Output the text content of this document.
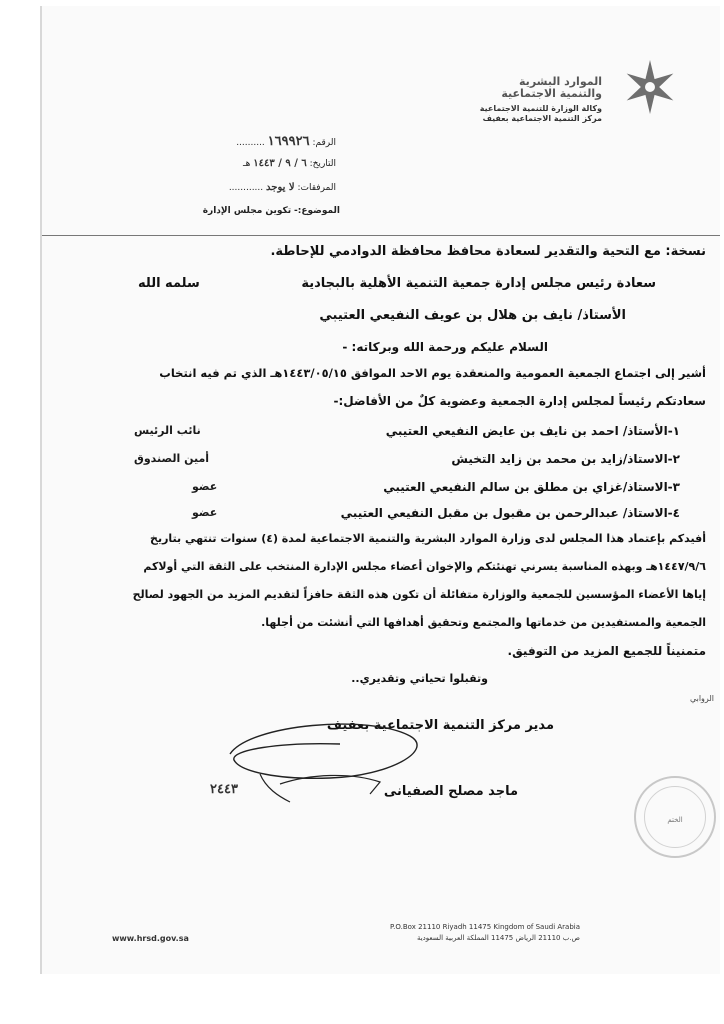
الموارد البشرية
والتنمية الاجتماعية
وكالة الوزارة للتنمية الاجتماعية
مركز التنمية الاجتماعية بعفيف
الرقم: ١٦٩٩٢٦ ..........
التاريخ: ٦ / ٩ / ١٤٤٣ هـ
المرفقات: لا يوجد ............
الموضوع:- تكوين مجلس الإدارة
نسخة: مع التحية والتقدير لسعادة محافظ محافظة الدوادمي للإحاطة.
سعادة رئيس مجلس إدارة جمعية التنمية الأهلية بالبجادية
سلمه الله
الأستاذ/ نايف بن هلال بن عويف النفيعي العتيبي
السلام عليكم ورحمة الله وبركاته: -
أشير إلى اجتماع الجمعية العمومية والمنعقدة يوم الاحد الموافق ١٤٤٣/٠٥/١٥هـ الذي تم فيه انتخاب
سعادتكم رئيساً لمجلس إدارة الجمعية وعضوية كلٌ من الأفاضل:-
١-الأستاذ/ احمد بن نايف بن عايض النفيعي العتيبي
نائب الرئيس
٢-الاستاذ/زايد بن محمد بن زايد التخيش
أمين الصندوق
٣-الاستاذ/غزاي بن مطلق بن سالم النفيعي العتيبي
عضو
٤-الاستاذ/ عبدالرحمن بن مقبول بن مقبل النفيعي العتيبي
عضو
أفيدكم بإعتماد هذا المجلس لدى وزارة الموارد البشرية والتنمية الاجتماعية لمدة (٤) سنوات تنتهي بتاريخ
١٤٤٧/٩/٦هـ وبهذه المناسبة يسرني تهنئتكم والإخوان أعضاء مجلس الإدارة المنتخب على الثقة التي أولاكم
إياها الأعضاء المؤسسين للجمعية والوزارة متفائلة أن تكون هذه الثقة حافزاً لتقديم المزيد من الجهود لصالح
الجمعية والمستفيدين من خدماتها والمجتمع وتحقيق أهدافها التي أنشئت من أجلها.
متمنيناً للجميع المزيد من التوفيق.
وتقبلوا تحياتي وتقديري..
الروابي
مدير مركز التنمية الاجتماعية بعفيف
ماجد مصلح الصفيانى
٢٤٤٣
الختم
www.hrsd.gov.sa
P.O.Box 21110 Riyadh 11475 Kingdom of Saudi Arabia
ص.ب 21110 الرياض 11475 المملكة العربية السعودية
